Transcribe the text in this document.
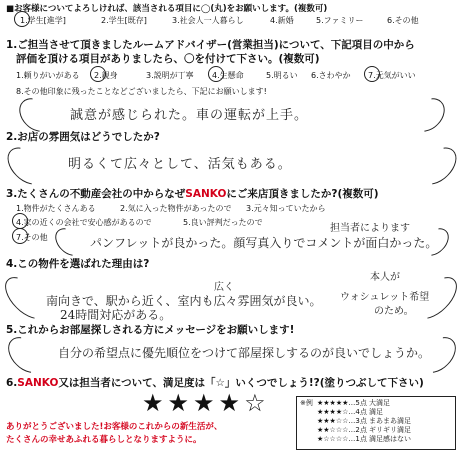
■お客様についてよろしければ、該当される項目に◯(丸)をお願いします。(複数可)
1.学生[進学]	2.学生[既存]	3.社会人一人暮らし	4.新婚	5.ファミリー	6.その他
1.ご担当させて頂きましたルームアドバイザー(営業担当)について、下記項目の中から
評価を頂ける項目がありましたら、〇を付けて下さい。(複数可)
1.頼りがいがある 2.親身	3.説明が丁寧 4.生懸命	5.明るい 6.さわやか 7.元気がいい
8.その他印象に残ったことなどございましたら、下記にお願いします!
誠意が感じられた。車の運転が上手。
2.お店の雰囲気はどうでしたか?
明るくて広々として、活気もある。
3.たくさんの不動産会社の中からなぜSANKOにご来店頂きましたか?(複数可)
1.物件がたくさんある	2.気に入った物件があったので 3.元々知っていたから
4.家の近くの会社で安心感があるので	5.良い評判だったので
7.その他
担当者によります
パンフレットが良かった。顔写真入りでコメントが面白かった。
4.この物件を選ばれた理由は?
広く
本人が
南向きで、駅から近く、室内も広々雰囲気が良い。 ウォシュレット希望
のため。
24時間対応がある。
5.これからお部屋探しされる方にメッセージをお願いします!
自分の希望点に優先順位をつけて部屋探しするのが良いでしょうか。
6.SANKO又は担当者について、満足度は「☆」いくつでしょう!?(塗りつぶして下さい)
★★★★☆
ありがとうございました!お客様のこれからの新生活が、
たくさんの幸せあふれる暮らしとなりますように。
※例 ★★★★★…5点 大満足
★★★★☆…4点 満足
★★★☆☆…3点 まあまあ満足
★★☆☆☆…2点 ギリギリ満足
★☆☆☆☆…1点 満足感はない
